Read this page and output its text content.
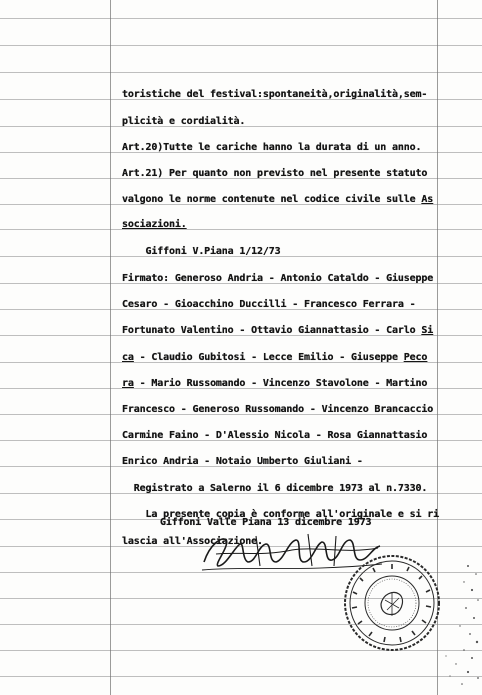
toristiche del festival:spontaneità,originalità,sem-
plicità e cordialità.
Art.20)Tutte le cariche hanno la durata di un anno.
Art.21) Per quanto non previsto nel presente statuto
valgono le norme contenute nel codice civile sulle As
sociazioni.
Giffoni V.Piana 1/12/73
Firmato: Generoso Andria - Antonio Cataldo - Giuseppe
Cesaro - Gioacchino Duccilli - Francesco Ferrara -
Fortunato Valentino - Ottavio Giannattasio - Carlo Si
ca - Claudio Gubitosi - Lecce Emilio - Giuseppe Peco
ra - Mario Russomando - Vincenzo Stavolone - Martino
Francesco - Generoso Russomando - Vincenzo Brancaccio
Carmine Faino - D'Alessio Nicola - Rosa Giannattasio
Enrico Andria - Notaio Umberto Giuliani -
Registrato a Salerno il 6 dicembre 1973 al n.7330.
La presente copia è conforme all'originale e si ri
lascia all'Associazione.
Giffoni Valle Piana 13 dicembre 1973
